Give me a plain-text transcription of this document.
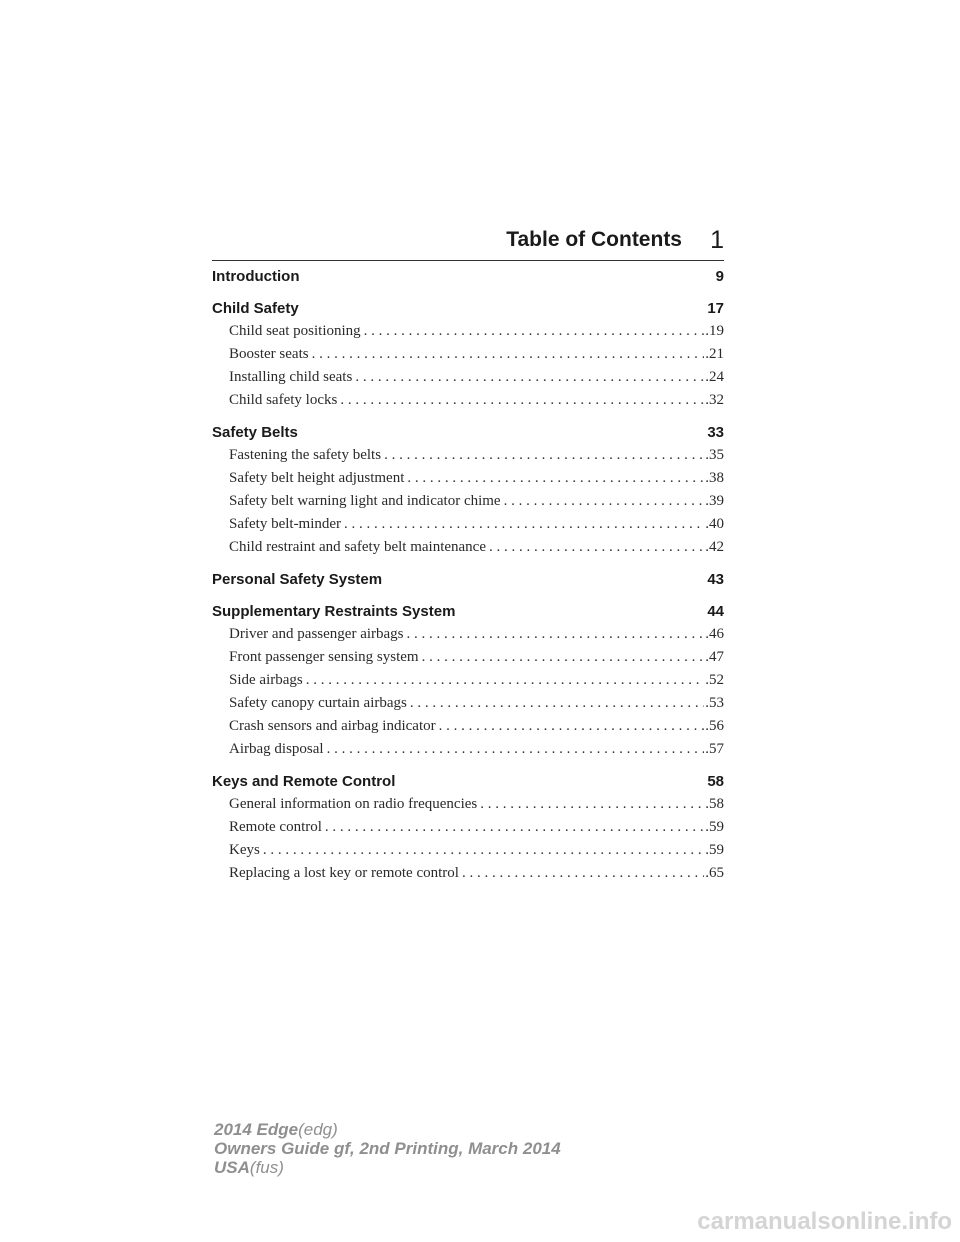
Table of Contents 1
Introduction	9
Child Safety	17
Child seat positioning . . .	.19
Booster seats . . .	.21
Installing child seats . . .	.24
Child safety locks . . .	.32
Safety Belts	33
Fastening the safety belts . . .	.35
Safety belt height adjustment . . .	.38
Safety belt warning light and indicator chime . . .	.39
Safety belt-minder . . .	.40
Child restraint and safety belt maintenance . . .	.42
Personal Safety System	43
Supplementary Restraints System	44
Driver and passenger airbags . . .	.46
Front passenger sensing system . . .	.47
Side airbags . . .	.52
Safety canopy curtain airbags . . .	.53
Crash sensors and airbag indicator . . .	.56
Airbag disposal . . .	.57
Keys and Remote Control	58
General information on radio frequencies . . .	.58
Remote control . . .	.59
Keys . . .	.59
Replacing a lost key or remote control . . .	.65
2014 Edge(edg)
Owners Guide gf, 2nd Printing, March 2014
USA(fus)
carmanualsonline.info
